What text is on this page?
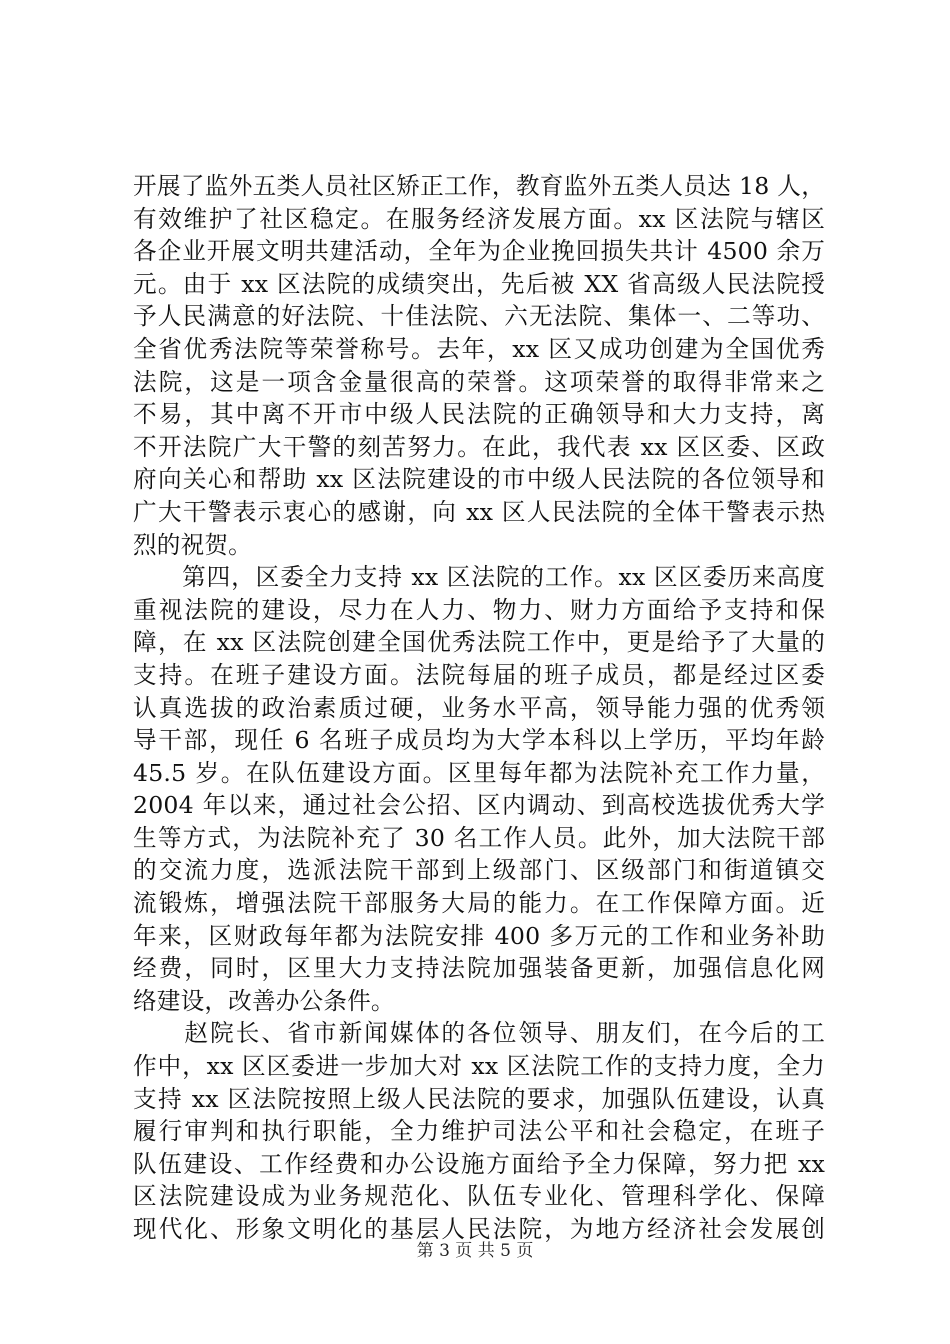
开展了监外五类人员社区矫正工作，教育监外五类人员达 18 人，
有效维护了社区稳定。在服务经济发展方面。xx 区法院与辖区
各企业开展文明共建活动，全年为企业挽回损失共计 4500 余万
元。由于 xx 区法院的成绩突出，先后被 XX 省高级人民法院授
予人民满意的好法院、十佳法院、六无法院、集体一、二等功、
全省优秀法院等荣誉称号。去年，xx 区又成功创建为全国优秀
法院，这是一项含金量很高的荣誉。这项荣誉的取得非常来之
不易，其中离不开市中级人民法院的正确领导和大力支持，离
不开法院广大干警的刻苦努力。在此，我代表 xx 区区委、区政
府向关心和帮助 xx 区法院建设的市中级人民法院的各位领导和
广大干警表示衷心的感谢，向 xx 区人民法院的全体干警表示热
烈的祝贺。
　　第四，区委全力支持 xx 区法院的工作。xx 区区委历来高度
重视法院的建设，尽力在人力、物力、财力方面给予支持和保
障，在 xx 区法院创建全国优秀法院工作中，更是给予了大量的
支持。在班子建设方面。法院每届的班子成员，都是经过区委
认真选拔的政治素质过硬，业务水平高，领导能力强的优秀领
导干部，现任 6 名班子成员均为大学本科以上学历，平均年龄
45.5 岁。在队伍建设方面。区里每年都为法院补充工作力量，
2004 年以来，通过社会公招、区内调动、到高校选拔优秀大学
生等方式，为法院补充了 30 名工作人员。此外，加大法院干部
的交流力度，选派法院干部到上级部门、区级部门和街道镇交
流锻炼，增强法院干部服务大局的能力。在工作保障方面。近
年来，区财政每年都为法院安排 400 多万元的工作和业务补助
经费，同时，区里大力支持法院加强装备更新，加强信息化网
络建设，改善办公条件。
　　赵院长、省市新闻媒体的各位领导、朋友们，在今后的工
作中，xx 区区委进一步加大对 xx 区法院工作的支持力度，全力
支持 xx 区法院按照上级人民法院的要求，加强队伍建设，认真
履行审判和执行职能，全力维护司法公平和社会稳定，在班子
队伍建设、工作经费和办公设施方面给予全力保障，努力把 xx
区法院建设成为业务规范化、队伍专业化、管理科学化、保障
现代化、形象文明化的基层人民法院，为地方经济社会发展创
第 3 页 共 5 页
